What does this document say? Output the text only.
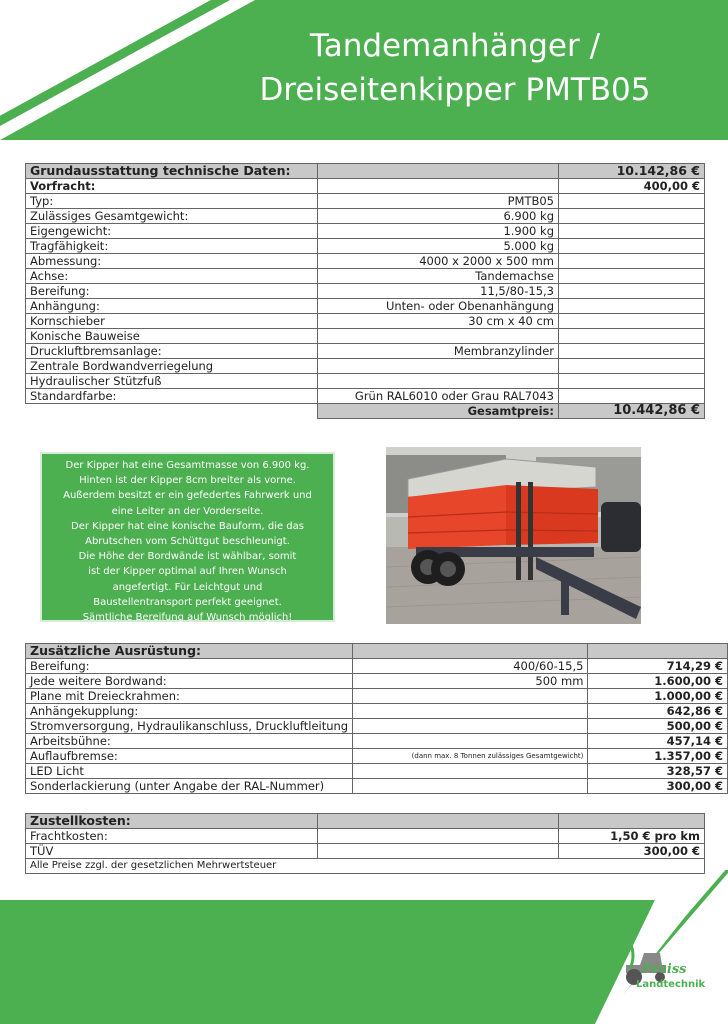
Tandemanhänger /
Dreiseitenkipper PMTB05
Grundausstattung technische Daten:		10.142,86 €
Vorfracht:		400,00 €
Typ:	PMTB05	
Zulässiges Gesamtgewicht:	6.900 kg	
Eigengewicht:	1.900 kg	
Tragfähigkeit:	5.000 kg	
Abmessung:	4000 x 2000 x 500 mm	
Achse:	Tandemachse	
Bereifung:	11,5/80-15,3	
Anhängung:	Unten- oder Obenanhängung	
Kornschieber	30 cm x 40 cm	
Konische Bauweise		
Druckluftbremsanlage:	Membranzylinder	
Zentrale Bordwandverriegelung		
Hydraulischer Stützfuß		
Standardfarbe:	Grün RAL6010 oder Grau RAL7043	
	Gesamtpreis:	10.442,86 €
Der Kipper hat eine Gesamtmasse von 6.900 kg.
Hinten ist der Kipper 8cm breiter als vorne.
Außerdem besitzt er ein gefedertes Fahrwerk und
eine Leiter an der Vorderseite.
Der Kipper hat eine konische Bauform, die das
Abrutschen vom Schüttgut beschleunigt.
Die Höhe der Bordwände ist wählbar, somit
ist der Kipper optimal auf Ihren Wunsch
angefertigt. Für Leichtgut und
Baustellentransport perfekt geeignet.
Sämtliche Bereifung auf Wunsch möglich!
Zusätzliche Ausrüstung:		
Bereifung:	400/60-15,5	714,29 €
Jede weitere Bordwand:	500 mm	1.600,00 €
Plane mit Dreieckrahmen:		1.000,00 €
Anhängekupplung:		642,86 €
Stromversorgung, Hydraulikanschluss, Druckluftleitung		500,00 €
Arbeitsbühne:		457,14 €
Auflaufbremse:	(dann max. 8 Tonnen zulässiges Gesamtgewicht)	1.357,00 €
LED Licht		328,57 €
Sonderlackierung (unter Angabe der RAL-Nummer)		300,00 €
Zustellkosten:		
Frachtkosten:		1,50 € pro km
TÜV		300,00 €
Alle Preise zzgl. der gesetzlichen Mehrwertsteuer		
Preiss
Landtechnik
